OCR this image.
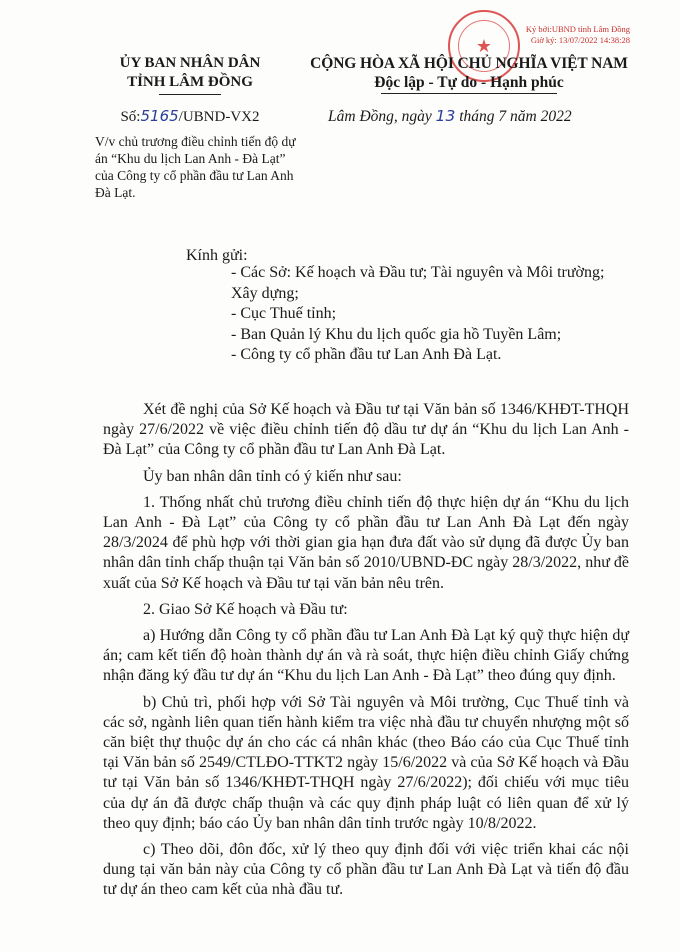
★
Ký bởi:UBND tỉnh Lâm Đồng
Giờ ký: 13/07/2022 14:38:28
ỦY BAN NHÂN DÂN
TỈNH LÂM ĐỒNG
CỘNG HÒA XÃ HỘI CHỦ NGHĨA VIỆT NAM
Độc lập - Tự do - Hạnh phúc
Số:5165/UBND-VX2	Lâm Đồng, ngày 13 tháng 7 năm 2022
V/v chủ trương điều chỉnh tiến độ dự án “Khu du lịch Lan Anh - Đà Lạt” của Công ty cổ phần đầu tư Lan Anh Đà Lạt.
Kính gửi:
- Các Sở: Kế hoạch và Đầu tư; Tài nguyên và Môi trường;
Xây dựng;
- Cục Thuế tỉnh;
- Ban Quản lý Khu du lịch quốc gia hồ Tuyền Lâm;
- Công ty cổ phần đầu tư Lan Anh Đà Lạt.

Xét đề nghị của Sở Kế hoạch và Đầu tư tại Văn bản số 1346/KHĐT-THQH ngày 27/6/2022 về việc điều chỉnh tiến độ dầu tư dự án “Khu du lịch Lan Anh - Đà Lạt” của Công ty cổ phần đầu tư Lan Anh Đà Lạt.

Ủy ban nhân dân tỉnh có ý kiến như sau:

1. Thống nhất chủ trương điều chỉnh tiến độ thực hiện dự án “Khu du lịch Lan Anh - Đà Lạt” của Công ty cổ phần đầu tư Lan Anh Đà Lạt đến ngày 28/3/2024 để phù hợp với thời gian gia hạn đưa đất vào sử dụng đã được Ủy ban nhân dân tỉnh chấp thuận tại Văn bản số 2010/UBND-ĐC ngày 28/3/2022, như đề xuất của Sở Kế hoạch và Đầu tư tại văn bản nêu trên.

2. Giao Sở Kế hoạch và Đầu tư:

a) Hướng dẫn Công ty cổ phần đầu tư Lan Anh Đà Lạt ký quỹ thực hiện dự án; cam kết tiến độ hoàn thành dự án và rà soát, thực hiện điều chỉnh Giấy chứng nhận đăng ký đầu tư dự án “Khu du lịch Lan Anh - Đà Lạt” theo đúng quy định.

b) Chủ trì, phối hợp với Sở Tài nguyên và Môi trường, Cục Thuế tỉnh và các sở, ngành liên quan tiến hành kiểm tra việc nhà đầu tư chuyển nhượng một số căn biệt thự thuộc dự án cho các cá nhân khác (theo Báo cáo của Cục Thuế tỉnh tại Văn bản số 2549/CTLĐO-TTKT2 ngày 15/6/2022 và của Sở Kế hoạch và Đầu tư tại Văn bản số 1346/KHĐT-THQH ngày 27/6/2022); đối chiếu với mục tiêu của dự án đã được chấp thuận và các quy định pháp luật có liên quan để xử lý theo quy định; báo cáo Ủy ban nhân dân tỉnh trước ngày 10/8/2022.

c) Theo dõi, đôn đốc, xử lý theo quy định đối với việc triển khai các nội dung tại văn bản này của Công ty cổ phần đầu tư Lan Anh Đà Lạt và tiến độ đầu tư dự án theo cam kết của nhà đầu tư.
